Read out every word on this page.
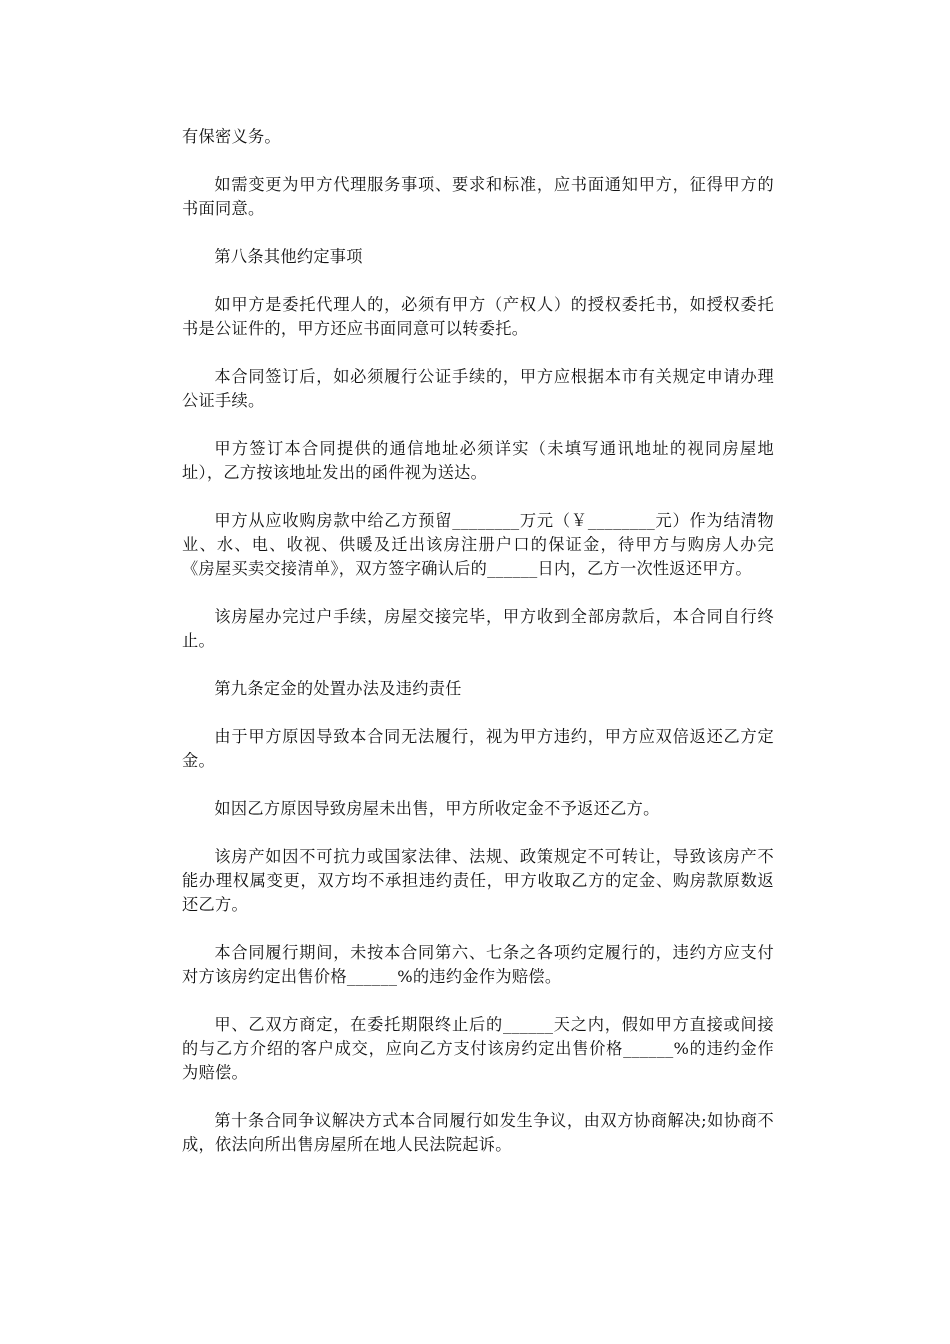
有保密义务。

如需变更为甲方代理服务事项、要求和标准，应书面通知甲方，征得甲方的书面同意。

第八条其他约定事项

如甲方是委托代理人的，必须有甲方（产权人）的授权委托书，如授权委托书是公证件的，甲方还应书面同意可以转委托。

本合同签订后，如必须履行公证手续的，甲方应根据本市有关规定申请办理公证手续。

甲方签订本合同提供的通信地址必须详实（未填写通讯地址的视同房屋地址），乙方按该地址发出的函件视为送达。

甲方从应收购房款中给乙方预留________万元（￥________元）作为结清物业、水、电、收视、供暖及迁出该房注册户口的保证金，待甲方与购房人办完《房屋买卖交接清单》，双方签字确认后的______日内，乙方一次性返还甲方。

该房屋办完过户手续，房屋交接完毕，甲方收到全部房款后，本合同自行终止。

第九条定金的处置办法及违约责任

由于甲方原因导致本合同无法履行，视为甲方违约，甲方应双倍返还乙方定金。

如因乙方原因导致房屋未出售，甲方所收定金不予返还乙方。

该房产如因不可抗力或国家法律、法规、政策规定不可转让，导致该房产不能办理权属变更，双方均不承担违约责任，甲方收取乙方的定金、购房款原数返还乙方。

本合同履行期间，未按本合同第六、七条之各项约定履行的，违约方应支付对方该房约定出售价格______%的违约金作为赔偿。

甲、乙双方商定，在委托期限终止后的______天之内，假如甲方直接或间接的与乙方介绍的客户成交，应向乙方支付该房约定出售价格______%的违约金作为赔偿。

第十条合同争议解决方式本合同履行如发生争议，由双方协商解决;如协商不成，依法向所出售房屋所在地人民法院起诉。
